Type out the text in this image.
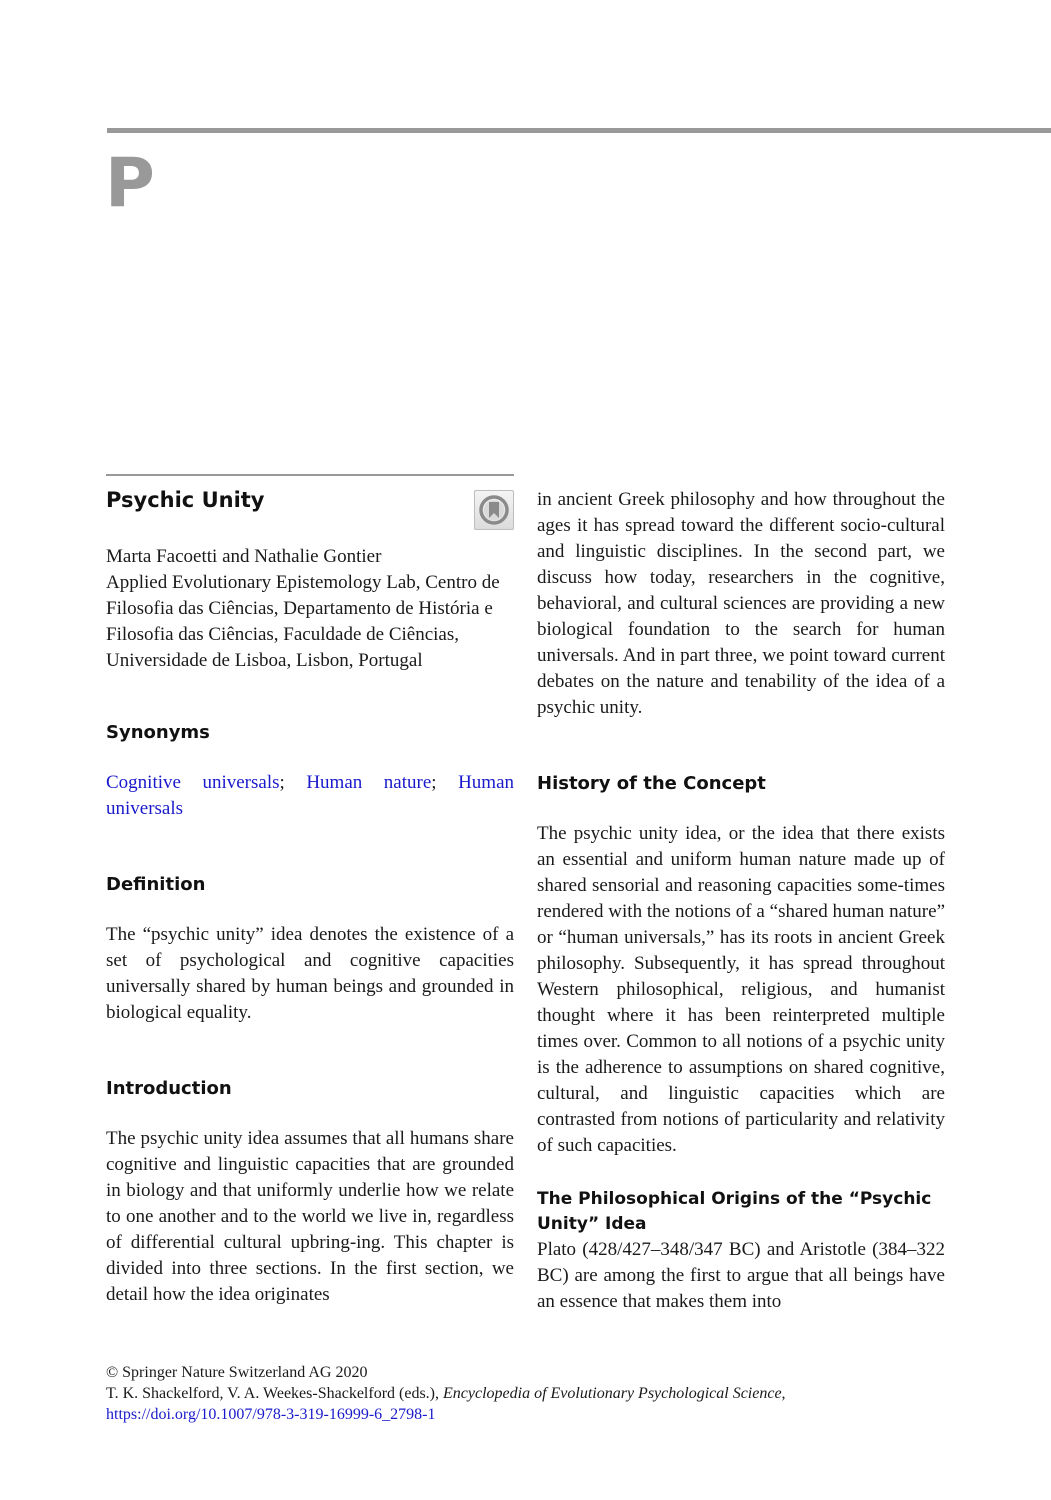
P
Psychic Unity

Marta Facoetti and Nathalie Gontier

Applied Evolutionary Epistemology Lab, Centro de Filosofia das Ciências, Departamento de História e Filosofia das Ciências, Faculdade de Ciências, Universidade de Lisboa, Lisbon, Portugal

Synonyms

Cognitive universals; Human nature; Human universals

Definition

The “psychic unity” idea denotes the existence of a set of psychological and cognitive capacities universally shared by human beings and grounded in biological equality.

Introduction

The psychic unity idea assumes that all humans share cognitive and linguistic capacities that are grounded in biology and that uniformly underlie how we relate to one another and to the world we live in, regardless of differential cultural upbring-ing. This chapter is divided into three sections. In the first section, we detail how the idea originates

in ancient Greek philosophy and how throughout the ages it has spread toward the different socio-cultural and linguistic disciplines. In the second part, we discuss how today, researchers in the cognitive, behavioral, and cultural sciences are providing a new biological foundation to the search for human universals. And in part three, we point toward current debates on the nature and tenability of the idea of a psychic unity.

History of the Concept

The psychic unity idea, or the idea that there exists an essential and uniform human nature made up of shared sensorial and reasoning capacities some-times rendered with the notions of a “shared human nature” or “human universals,” has its roots in ancient Greek philosophy. Subsequently, it has spread throughout Western philosophical, religious, and humanist thought where it has been reinterpreted multiple times over. Common to all notions of a psychic unity is the adherence to assumptions on shared cognitive, cultural, and linguistic capacities which are contrasted from notions of particularity and relativity of such capacities.

The Philosophical Origins of the “Psychic Unity” Idea

Plato (428/427–348/347 BC) and Aristotle (384–322 BC) are among the first to argue that all beings have an essence that makes them into

© Springer Nature Switzerland AG 2020
T. K. Shackelford, V. A. Weekes-Shackelford (eds.), Encyclopedia of Evolutionary Psychological Science,
https://doi.org/10.1007/978-3-319-16999-6_2798-1
